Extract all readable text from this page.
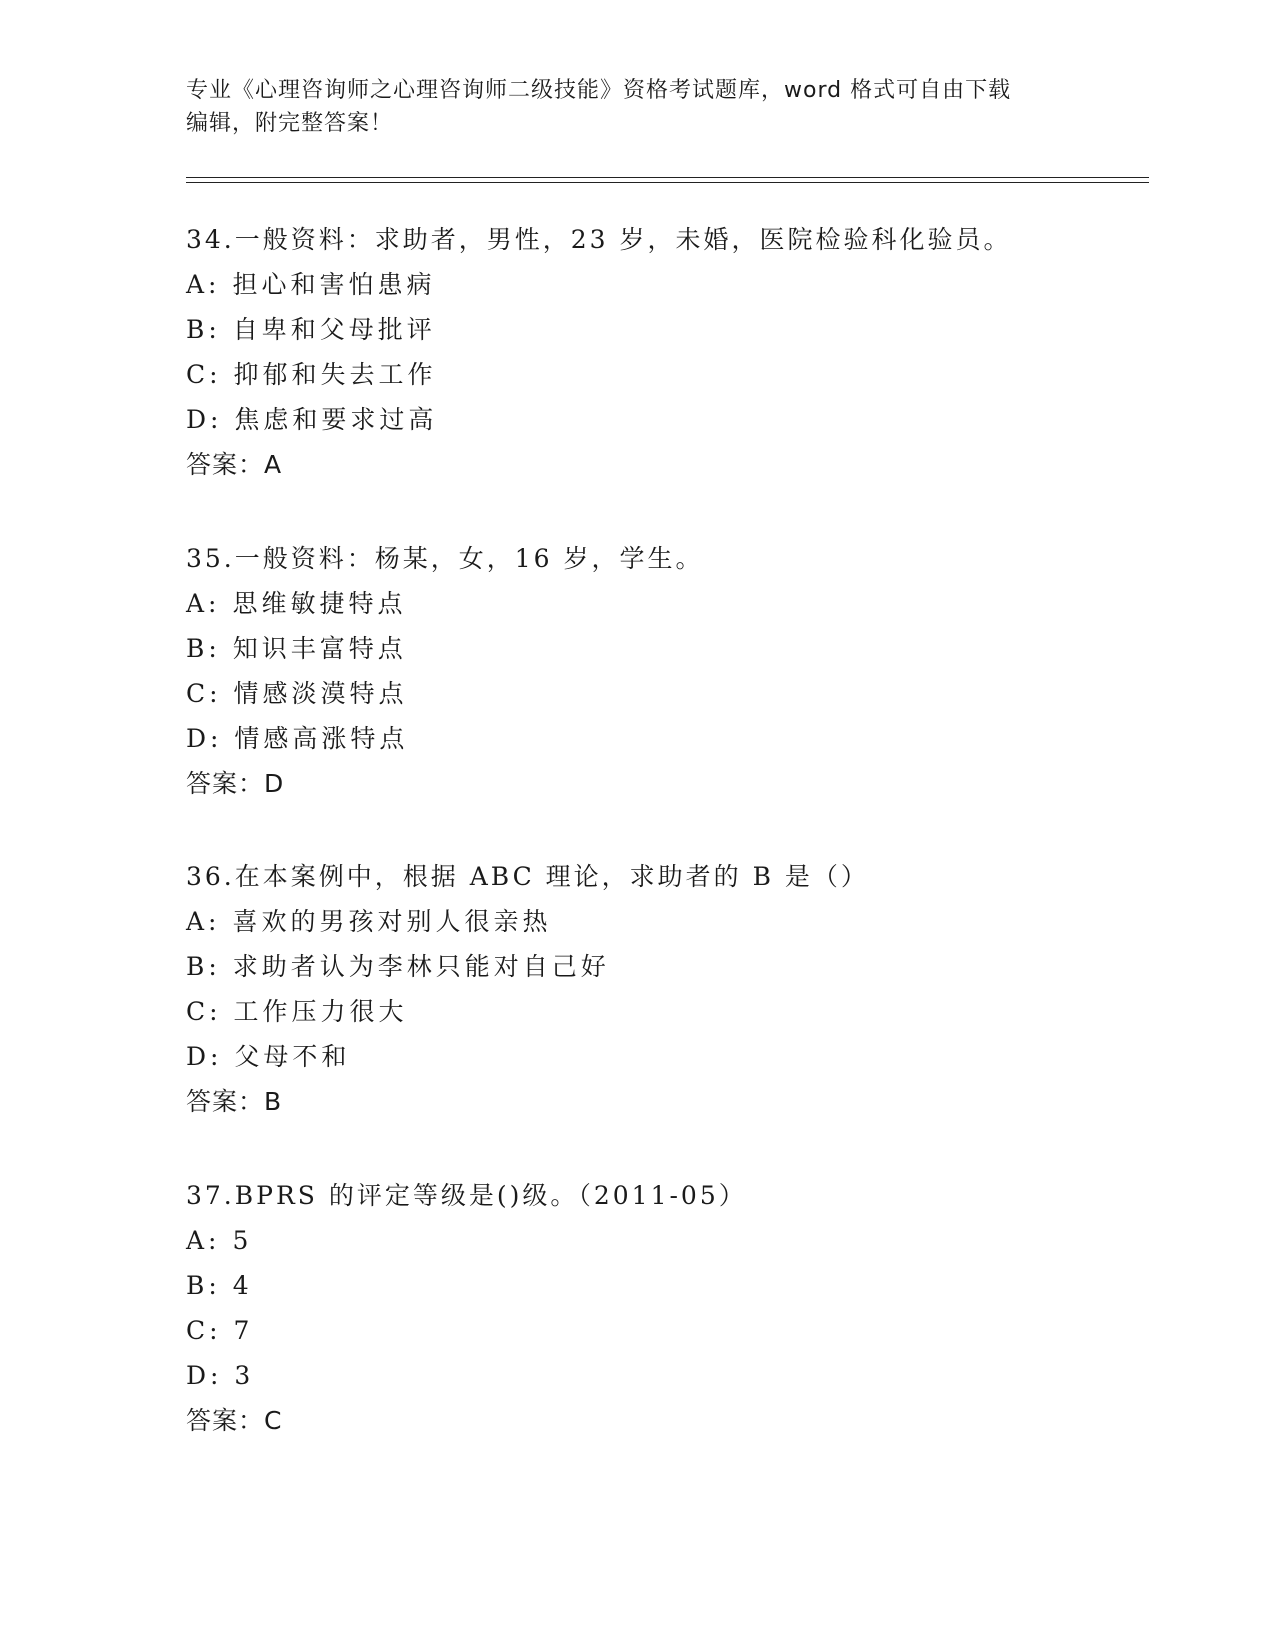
专业《心理咨询师之心理咨询师二级技能》资格考试题库，word 格式可自由下载
编辑，附完整答案！
34.一般资料：求助者，男性，23 岁，未婚，医院检验科化验员。
A: 担心和害怕患病
B: 自卑和父母批评
C: 抑郁和失去工作
D: 焦虑和要求过高
答案：A
35.一般资料：杨某，女，16 岁，学生。
A: 思维敏捷特点
B: 知识丰富特点
C: 情感淡漠特点
D: 情感高涨特点
答案：D
36.在本案例中，根据 ABC 理论，求助者的 B 是（）
A: 喜欢的男孩对别人很亲热
B: 求助者认为李林只能对自己好
C: 工作压力很大
D: 父母不和
答案：B
37.BPRS 的评定等级是()级。（2011-05）
A: 5
B: 4
C: 7
D: 3
答案：C
